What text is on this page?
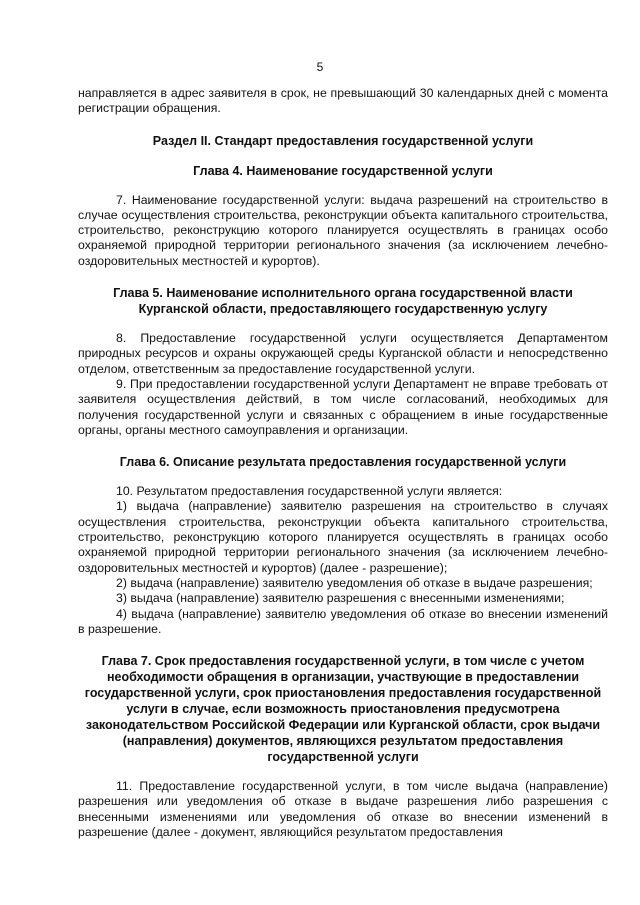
5

направляется в адрес заявителя в срок, не превышающий 30 календарных дней с момента регистрации обращения.

Раздел II. Стандарт предоставления государственной услуги
Глава 4. Наименование государственной услуги

7. Наименование государственной услуги: выдача разрешений на строительство в случае осуществления строительства, реконструкции объекта капитального строительства, строительство, реконструкцию которого планируется осуществлять в границах особо охраняемой природной территории регионального значения (за исключением лечебно-оздоровительных местностей и курортов).

Глава 5. Наименование исполнительного органа государственной власти Курганской области, предоставляющего государственную услугу

8. Предоставление государственной услуги осуществляется Департаментом природных ресурсов и охраны окружающей среды Курганской области и непосредственно отделом, ответственным за предоставление государственной услуги.

9. При предоставлении государственной услуги Департамент не вправе требовать от заявителя осуществления действий, в том числе согласований, необходимых для получения государственной услуги и связанных с обращением в иные государственные органы, органы местного самоуправления и организации.

Глава 6. Описание результата предоставления государственной услуги

10. Результатом предоставления государственной услуги является:

1) выдача (направление) заявителю разрешения на строительство в случаях осуществления строительства, реконструкции объекта капитального строительства, строительство, реконструкцию которого планируется осуществлять в границах особо охраняемой природной территории регионального значения (за исключением лечебно-оздоровительных местностей и курортов) (далее - разрешение);

2) выдача (направление) заявителю уведомления об отказе в выдаче разрешения;

3) выдача (направление) заявителю разрешения с внесенными изменениями;

4) выдача (направление) заявителю уведомления об отказе во внесении изменений в разрешение.

Глава 7. Срок предоставления государственной услуги, в том числе с учетом необходимости обращения в организации, участвующие в предоставлении государственной услуги, срок приостановления предоставления государственной услуги в случае, если возможность приостановления предусмотрена законодательством Российской Федерации или Курганской области, срок выдачи (направления) документов, являющихся результатом предоставления государственной услуги

11. Предоставление государственной услуги, в том числе выдача (направление) разрешения или уведомления об отказе в выдаче разрешения либо разрешения с внесенными изменениями или уведомления об отказе во внесении изменений в разрешение (далее - документ, являющийся результатом предоставления
